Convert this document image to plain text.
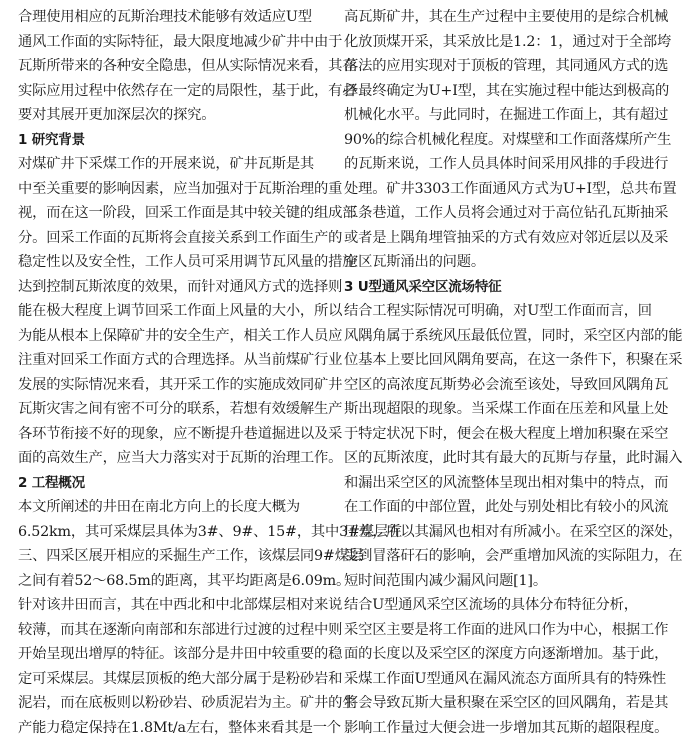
合理使用相应的瓦斯治理技术能够有效适应U型
通风工作面的实际特征，最大限度地减少矿井中由于
瓦斯所带来的各种安全隐患，但从实际情况来看，其在
实际应用过程中依然存在一定的局限性，基于此，有必
要对其展开更加深层次的探究。
1 研究背景
对煤矿井下采煤工作的开展来说，矿井瓦斯是其
中至关重要的影响因素，应当加强对于瓦斯治理的重
视，而在这一阶段，回采工作面是其中较关键的组成部
分。回采工作面的瓦斯将会直接关系到工作面生产的
稳定性以及安全性，工作人员可采用调节瓦风量的措施
达到控制瓦斯浓度的效果，而针对通风方式的选择则
能在极大程度上调节回采工作面上风量的大小，所以
为能从根本上保障矿井的安全生产，相关工作人员应
注重对回采工作面方式的合理选择。从当前煤矿行业
发展的实际情况来看，其开采工作的实施成效同矿井
瓦斯灾害之间有密不可分的联系，若想有效缓解生产
各环节衔接不好的现象，应不断提升巷道掘进以及采
面的高效生产，应当大力落实对于瓦斯的治理工作。
2 工程概况
本文所阐述的井田在南北方向上的长度大概为
6.52km，其可采煤层具体为3#、9#、15#，其中3#煤层在
三、四采区展开相应的采掘生产工作，该煤层同9#煤层
之间有着52～68.5m的距离，其平均距离是6.09m。
针对该井田而言，其在中西北和中北部煤层相对来说
较薄，而其在逐渐向南部和东部进行过渡的过程中则
开始呈现出增厚的特征。该部分是井田中较重要的稳
定可采煤层。其煤层顶板的绝大部分属于是粉砂岩和
泥岩，而在底板则以粉砂岩、砂质泥岩为主。矿井的生
产能力稳定保持在1.8Mt/a左右，整体来看其是一个
高瓦斯矿井，其在生产过程中主要使用的是综合机械
化放顶煤开采，其采放比是1.2：1，通过对于全部垮
落法的应用实现对于顶板的管理，其同通风方式的选
择最终确定为U+I型，其在实施过程中能达到极高的
机械化水平。与此同时，在掘进工作面上，其有超过
90%的综合机械化程度。对煤壁和工作面落煤所产生
的瓦斯来说，工作人员具体时间采用风排的手段进行
处理。矿井3303工作面通风方式为U+I型，总共布置
三条巷道，工作人员将会通过对于高位钻孔瓦斯抽采
或者是上隅角埋管抽采的方式有效应对邻近层以及采
空区瓦斯涌出的问题。
3 U型通风采空区流场特征
结合工程实际情况可明确，对U型工作面而言，回
风隅角属于系统风压最低位置，同时，采空区内部的能
位基本上要比回风隅角要高，在这一条件下，积聚在采
空区的高浓度瓦斯势必会流至该处，导致回风隅角瓦
斯出现超限的现象。当采煤工作面在压差和风量上处
于特定状况下时，便会在极大程度上增加积聚在采空
区的瓦斯浓度，此时其有最大的瓦斯与存量，此时漏入
和漏出采空区的风流整体呈现出相对集中的特点，而
在工作面的中部位置，此处与别处相比有较小的风流
压差，所以其漏风也相对有所减小。在采空区的深处，
受到冒落矸石的影响，会严重增加风流的实际阻力，在
短时间范围内减少漏风问题[1]。
结合U型通风采空区流场的具体分布特征分析，
采空区主要是将工作面的进风口作为中心，根据工作
面的长度以及采空区的深度方向逐渐增加。基于此，
采煤工作面U型通风在漏风流态方面所具有的特殊性
将会导致瓦斯大量积聚在采空区的回风隅角，若是其
影响工作量过大便会进一步增加其瓦斯的超限程度。
